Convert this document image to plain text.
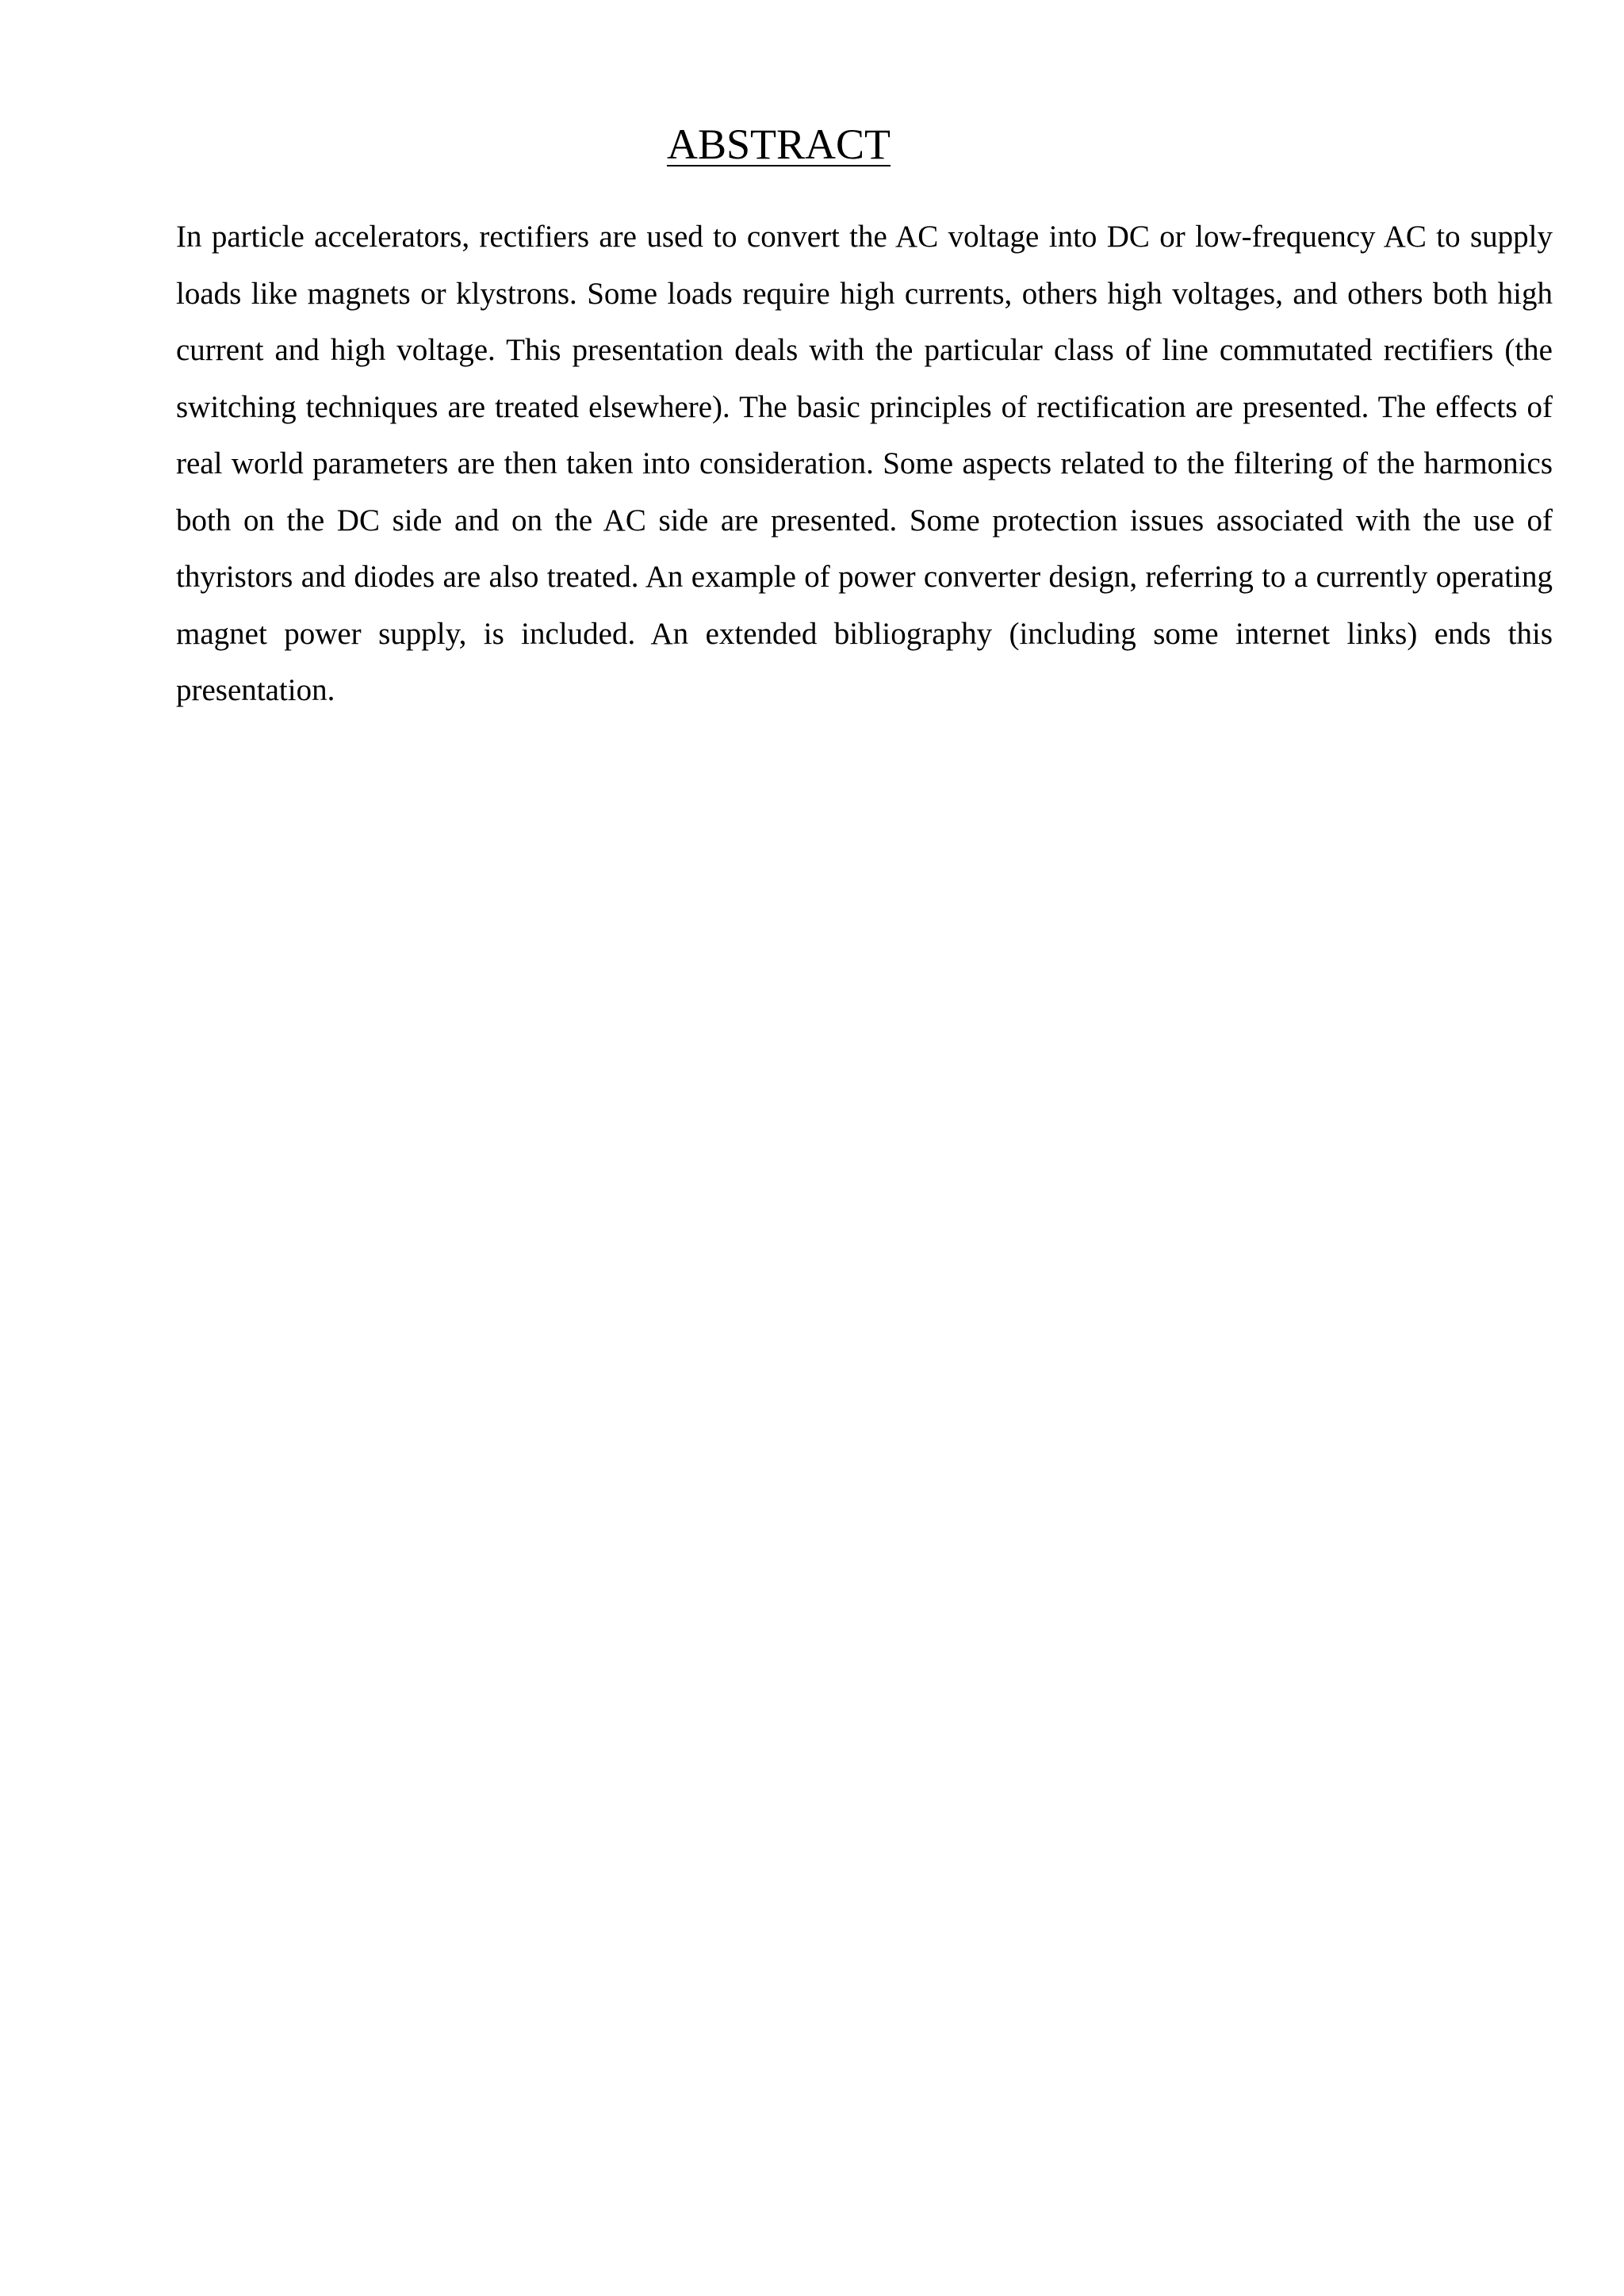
ABSTRACT

In particle accelerators, rectifiers are used to convert the AC voltage into DC or low-frequency AC to supply loads like magnets or klystrons. Some loads require high currents, others high voltages, and others both high current and high voltage. This presentation deals with the particular class of line commutated rectifiers (the switching techniques are treated elsewhere). The basic principles of rectification are presented. The effects of real world parameters are then taken into consideration. Some aspects related to the filtering of the harmonics both on the DC side and on the AC side are presented. Some protection issues associated with the use of thyristors and diodes are also treated. An example of power converter design, referring to a currently operating magnet power supply, is included. An extended bibliography (including some internet links) ends this presentation.
